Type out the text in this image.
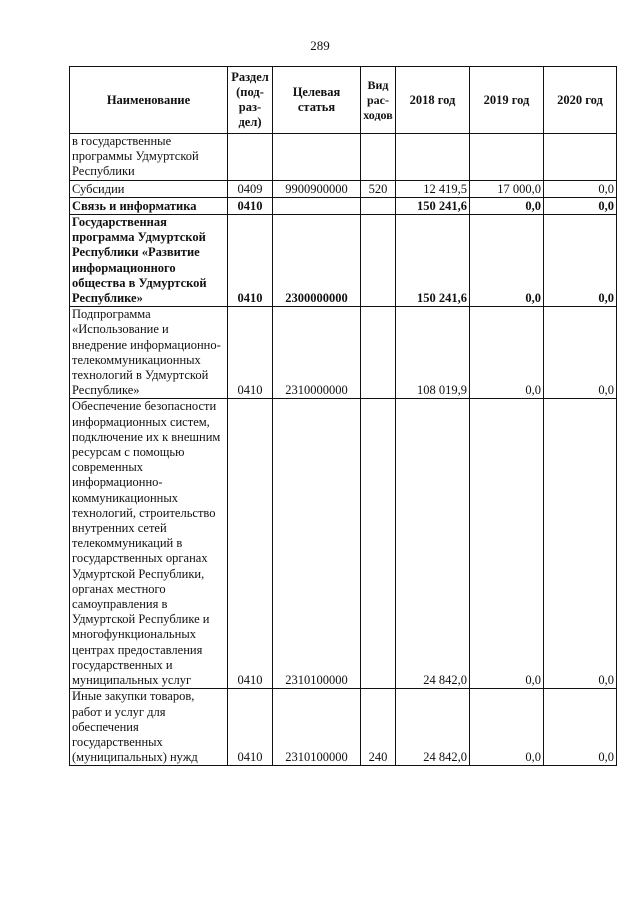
289
Наименование	Раздел (под-раз-дел)	Целевая статья	Вид рас-ходов	2018 год	2019 год	2020 год
в государственные программы Удмуртской Республики						
Субсидии	0409	9900900000	520	12 419,5	17 000,0	0,0
Связь и информатика	0410			150 241,6	0,0	0,0
Государственная программа Удмуртской Республики «Развитие информационного общества в Удмуртской Республике»	0410	2300000000		150 241,6	0,0	0,0
Подпрограмма «Использование и внедрение информационно-телекоммуникационных технологий в Удмуртской Республике»	0410	2310000000		108 019,9	0,0	0,0
Обеспечение безопасности информационных систем, подключение их к внешним ресурсам с помощью современных информационно-коммуникационных технологий, строительство внутренних сетей телекоммуникаций в государственных органах Удмуртской Республики, органах местного самоуправления в Удмуртской Республике и многофункциональных центрах предоставления государственных и муниципальных услуг	0410	2310100000		24 842,0	0,0	0,0
Иные закупки товаров, работ и услуг для обеспечения государственных (муниципальных) нужд	0410	2310100000	240	24 842,0	0,0	0,0
